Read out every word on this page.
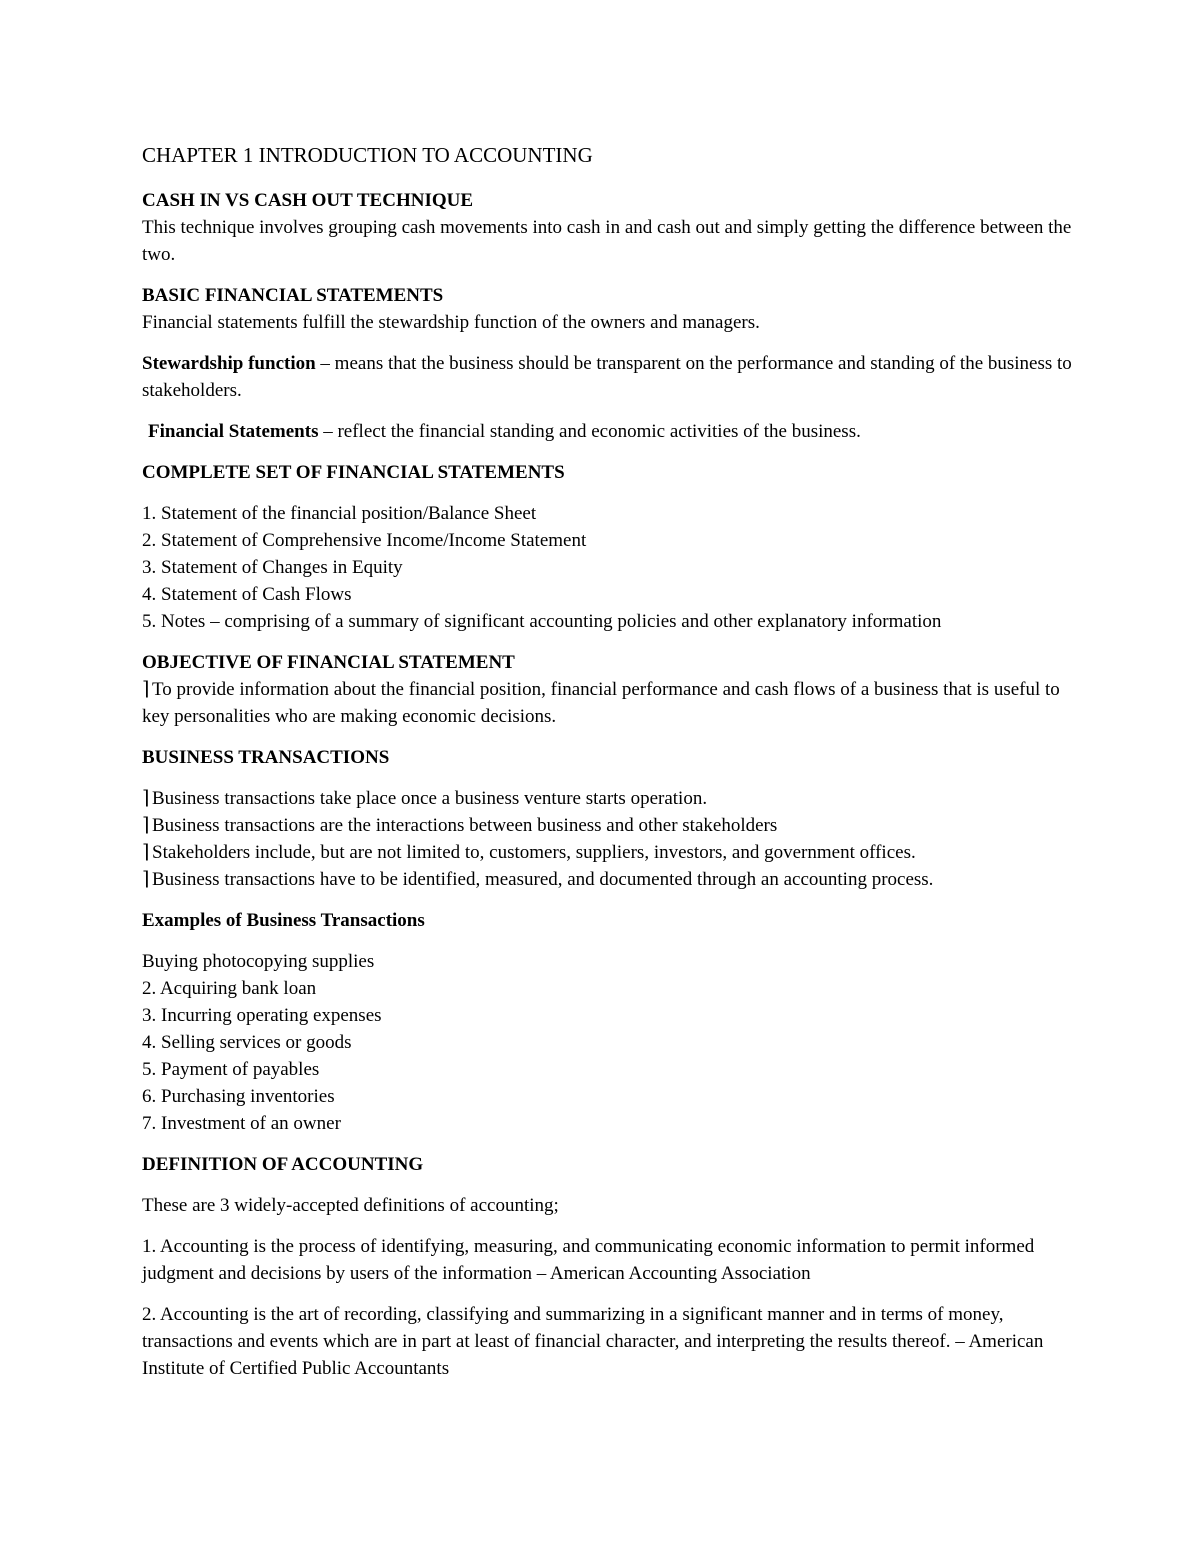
CHAPTER 1 INTRODUCTION TO ACCOUNTING

CASH IN VS CASH OUT TECHNIQUE

This technique involves grouping cash movements into cash in and cash out and simply getting the difference between the two.

BASIC FINANCIAL STATEMENTS

Financial statements fulfill the stewardship function of the owners and managers.

Stewardship function – means that the business should be transparent on the performance and standing of the business to stakeholders.

Financial Statements – reflect the financial standing and economic activities of the business.

COMPLETE SET OF FINANCIAL STATEMENTS

1. Statement of the financial position/Balance Sheet
2. Statement of Comprehensive Income/Income Statement
3. Statement of Changes in Equity
4. Statement of Cash Flows
5. Notes – comprising of a summary of significant accounting policies and other explanatory information

OBJECTIVE OF FINANCIAL STATEMENT

⌉ To provide information about the financial position, financial performance and cash flows of a business that is useful to key personalities who are making economic decisions.

BUSINESS TRANSACTIONS

⌉ Business transactions take place once a business venture starts operation.
⌉ Business transactions are the interactions between business and other stakeholders
⌉ Stakeholders include, but are not limited to, customers, suppliers, investors, and government offices.
⌉ Business transactions have to be identified, measured, and documented through an accounting process.

Examples of Business Transactions

Buying photocopying supplies
2. Acquiring bank loan
3. Incurring operating expenses
4. Selling services or goods
5. Payment of payables
6. Purchasing inventories
7. Investment of an owner

DEFINITION OF ACCOUNTING

These are 3 widely-accepted definitions of accounting;

1. Accounting is the process of identifying, measuring, and communicating economic information to permit informed judgment and decisions by users of the information – American Accounting Association

2. Accounting is the art of recording, classifying and summarizing in a significant manner and in terms of money, transactions and events which are in part at least of financial character, and interpreting the results thereof. – American Institute of Certified Public Accountants
